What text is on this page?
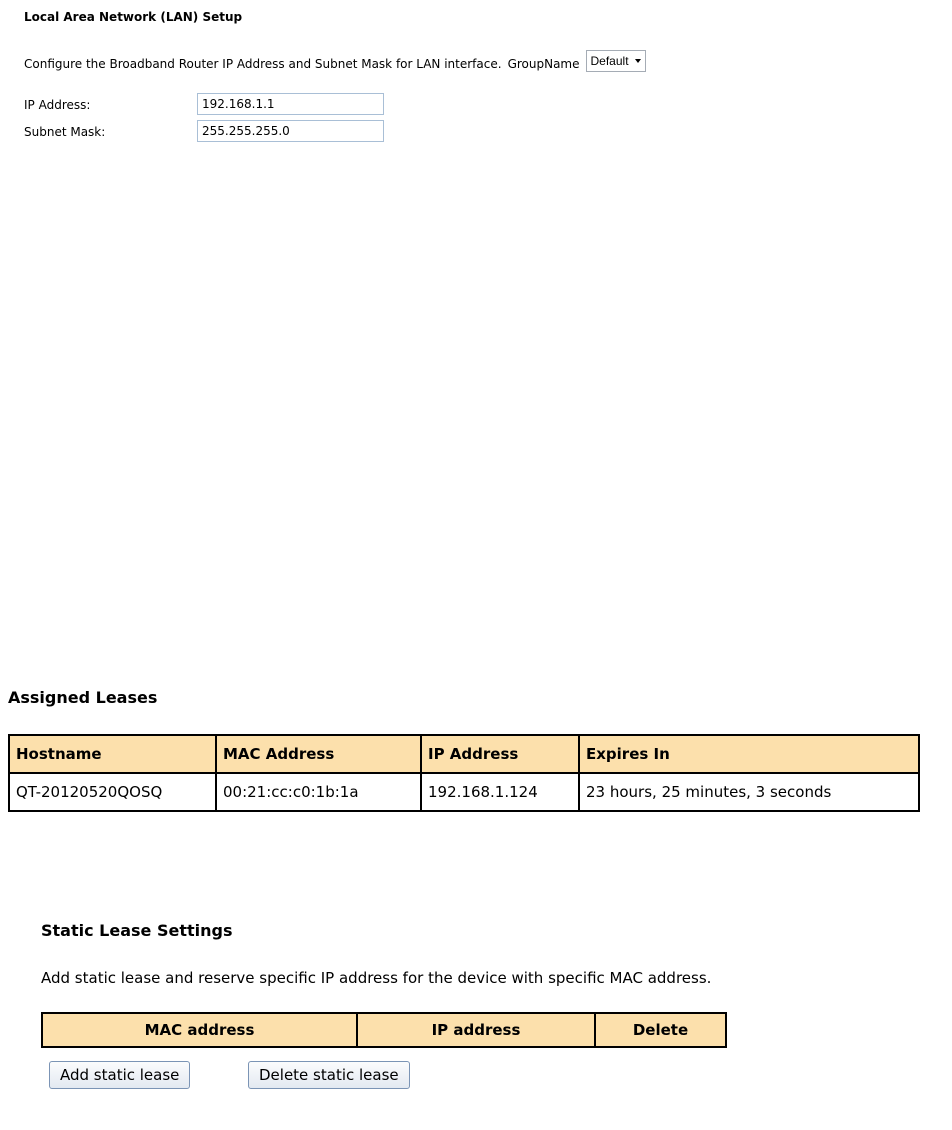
Local Area Network (LAN) Setup
Configure the Broadband Router IP Address and Subnet Mask for LAN interface. GroupName Default
IP Address:
192.168.1.1
Subnet Mask:
255.255.255.0
Assigned Leases
Hostname	MAC Address	IP Address	Expires In
QT-20120520QOSQ	00:21:cc:c0:1b:1a	192.168.1.124	23 hours, 25 minutes, 3 seconds
Static Lease Settings
Add static lease and reserve specific IP address for the device with specific MAC address.
MAC address	IP address	Delete
Add static lease	Delete static lease
